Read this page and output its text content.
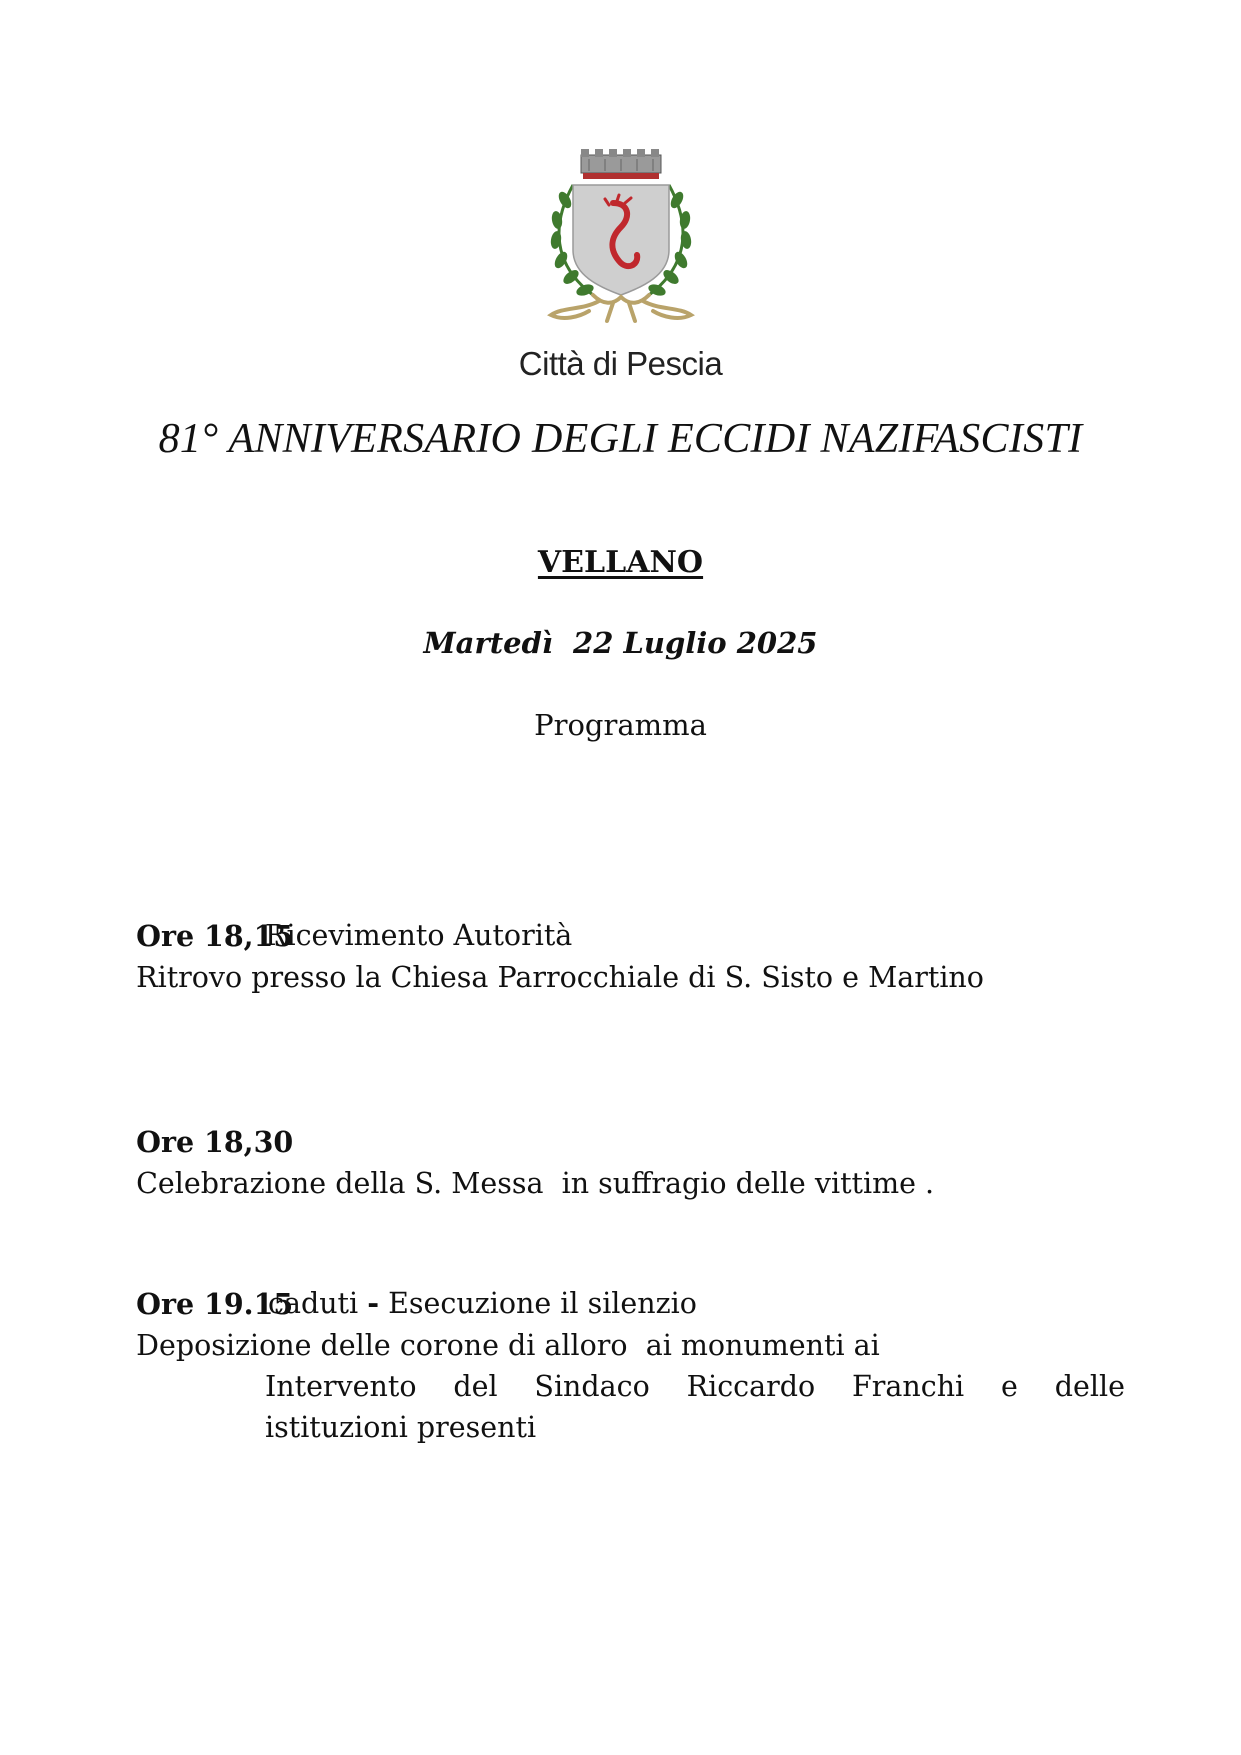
Città di Pescia
81° ANNIVERSARIO DEGLI ECCIDI NAZIFASCISTI
VELLANO
Martedì  22 Luglio 2025
Programma

Ore 18,15
Ritrovo presso la Chiesa Parrocchiale di S. Sisto e Martino

Ricevimento Autorità

Ore 18,30
Celebrazione della S. Messa  in suffragio delle vittime .

Ore 19.15
Deposizione delle corone di alloro  ai monumenti ai

caduti - Esecuzione il silenzio
Intervento del Sindaco Riccardo Franchi e delle
istituzioni presenti
